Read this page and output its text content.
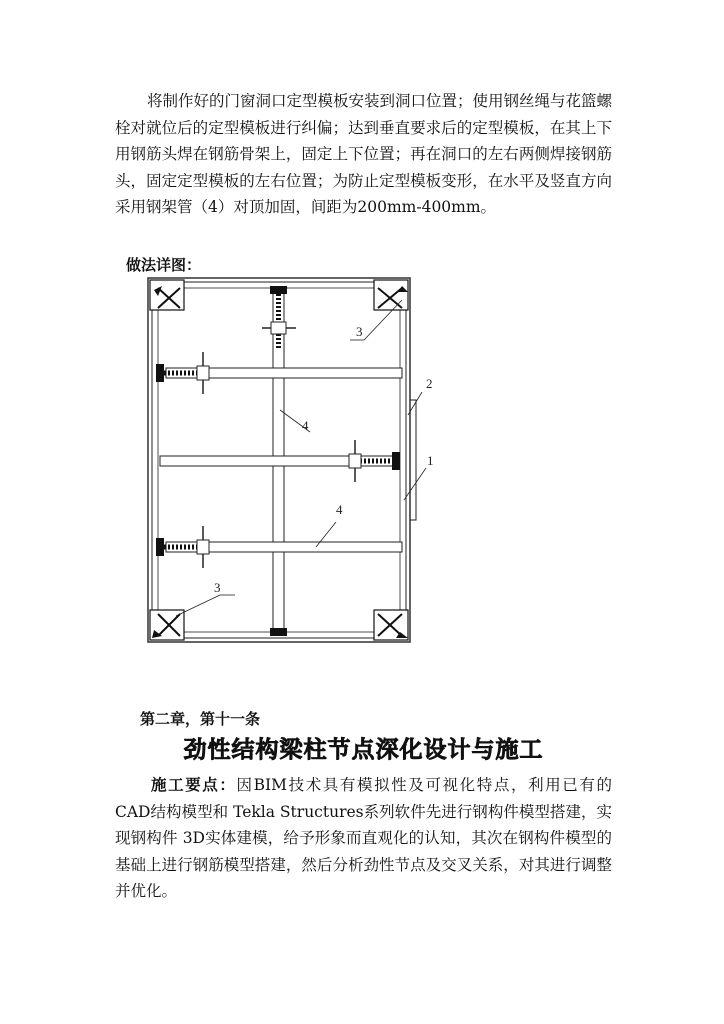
将制作好的门窗洞口定型模板安装到洞口位置；使用钢丝绳与花篮螺栓对就位后的定型模板进行纠偏；达到垂直要求后的定型模板，在其上下用钢筋头焊在钢筋骨架上，固定上下位置；再在洞口的左右两侧焊接钢筋头，固定定型模板的左右位置；为防止定型模板变形，在水平及竖直方向采用钢架管（4）对顶加固，间距为200mm-400mm。

做法详图：
3
2
1
4
4
3
第二章，第十一条
劲性结构梁柱节点深化设计与施工

施工要点：因BIM技术具有模拟性及可视化特点，利用已有的 CAD结构模型和 Tekla Structures系列软件先进行钢构件模型搭建，实现钢构件 3D实体建模，给予形象而直观化的认知，其次在钢构件模型的基础上进行钢筋模型搭建，然后分析劲性节点及交叉关系，对其进行调整并优化。
